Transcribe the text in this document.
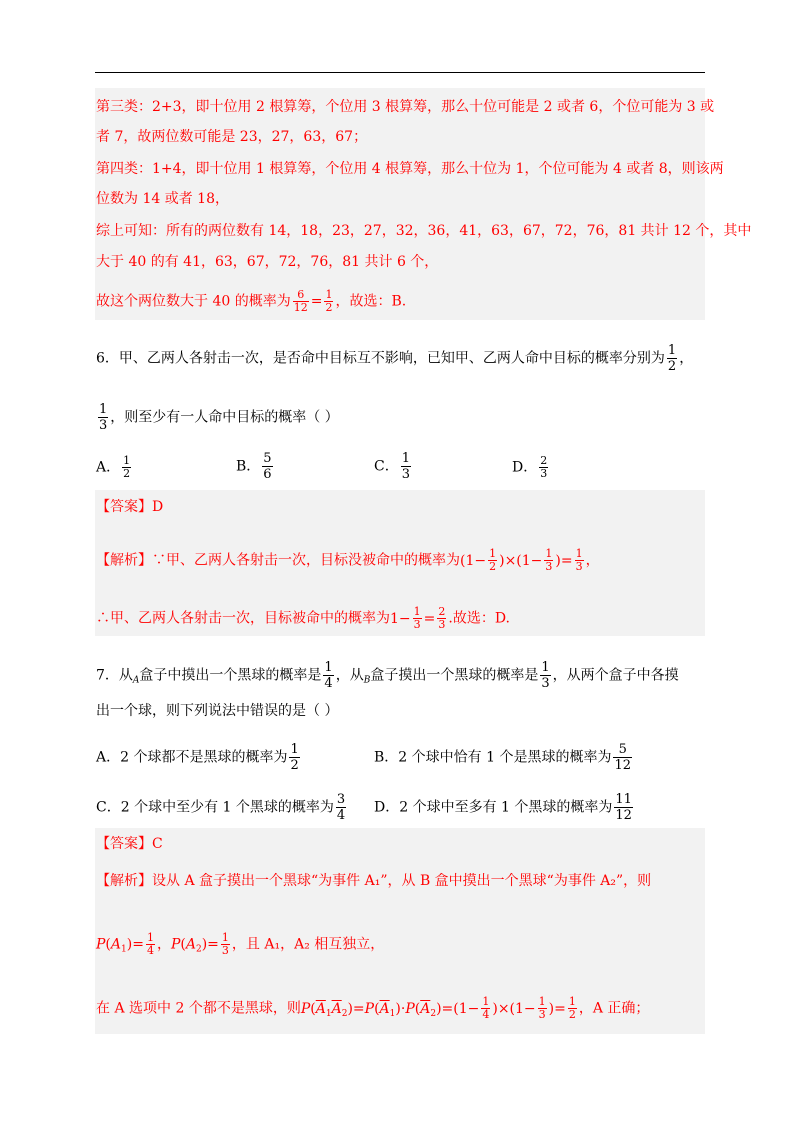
第三类：2+3，即十位用 2 根算筹，个位用 3 根算筹，那么十位可能是 2 或者 6，个位可能为 3 或
者 7，故两位数可能是 23，27，63，67；
第四类：1+4，即十位用 1 根算筹，个位用 4 根算筹，那么十位为 1，个位可能为 4 或者 8，则该两
位数为 14 或者 18，
综上可知：所有的两位数有 14，18，23，27，32，36，41，63，67，72，76，81 共计 12 个，其中
大于 40 的有 41，63，67，72，76，81 共计 6 个，
故这个两位数大于 40 的概率为 $\frac{6}{12} = \frac{1}{2}$ ，故选：B.
6．甲、乙两人各射击一次，是否命中目标互不影响，已知甲、乙两人命中目标的概率分别为 $\frac{1}{2}$ ，
$\frac{1}{3}$ ，则至少有一人命中目标的概率（ ）
A． $\frac{1}{2}$	B． $\frac{5}{6}$	C． $\frac{1}{3}$	D． $\frac{2}{3}$
【答案】D
【解析】∵甲、乙两人各射击一次，目标没被命中的概率为$(1- \frac{1}{2} )\times(1- \frac{1}{3}$ )= $\frac{1}{3}$ ，
∴甲、乙两人各射击一次，目标被命中的概率为$1- \frac{1}{3} = \frac{2}{3}$ .故选：D.
7．从$_A$盒子中摸出一个黑球的概率是 $\frac{1}{4}$ ，从$_B$盒子摸出一个黑球的概率是 $\frac{1}{3}$ ，从两个盒子中各摸
出一个球，则下列说法中错误的是（ ）
A．2 个球都不是黑球的概率为 $\frac{1}{2}$	B．2 个球中恰有 1 个是黑球的概率为 $\frac{5}{12}$
C．2 个球中至少有 1 个黑球的概率为 $\frac{3}{4}$ D．2 个球中至多有 1 个黑球的概率为 $\frac{11}{12}$
【答案】C
【解析】设从 A 盒子摸出一个黑球“为事件 A₁”，从 B 盒中摸出一个黑球“为事件 A₂”，则
$P(A_1)= \frac{1}{4}$ ，$P(A_2)= \frac{1}{3}$ ，且 A₁，A₂ 相互独立，
在 A 选项中 2 个都不是黑球，则$P(\overline{A}_1\overline{A}_2)=P(\overline{A}_1)\cdot P(\overline{A}_2)=(1- \frac{1}{4} )\times(1- \frac{1}{3}$ )= $\frac{1}{2}$ ，A 正确；
